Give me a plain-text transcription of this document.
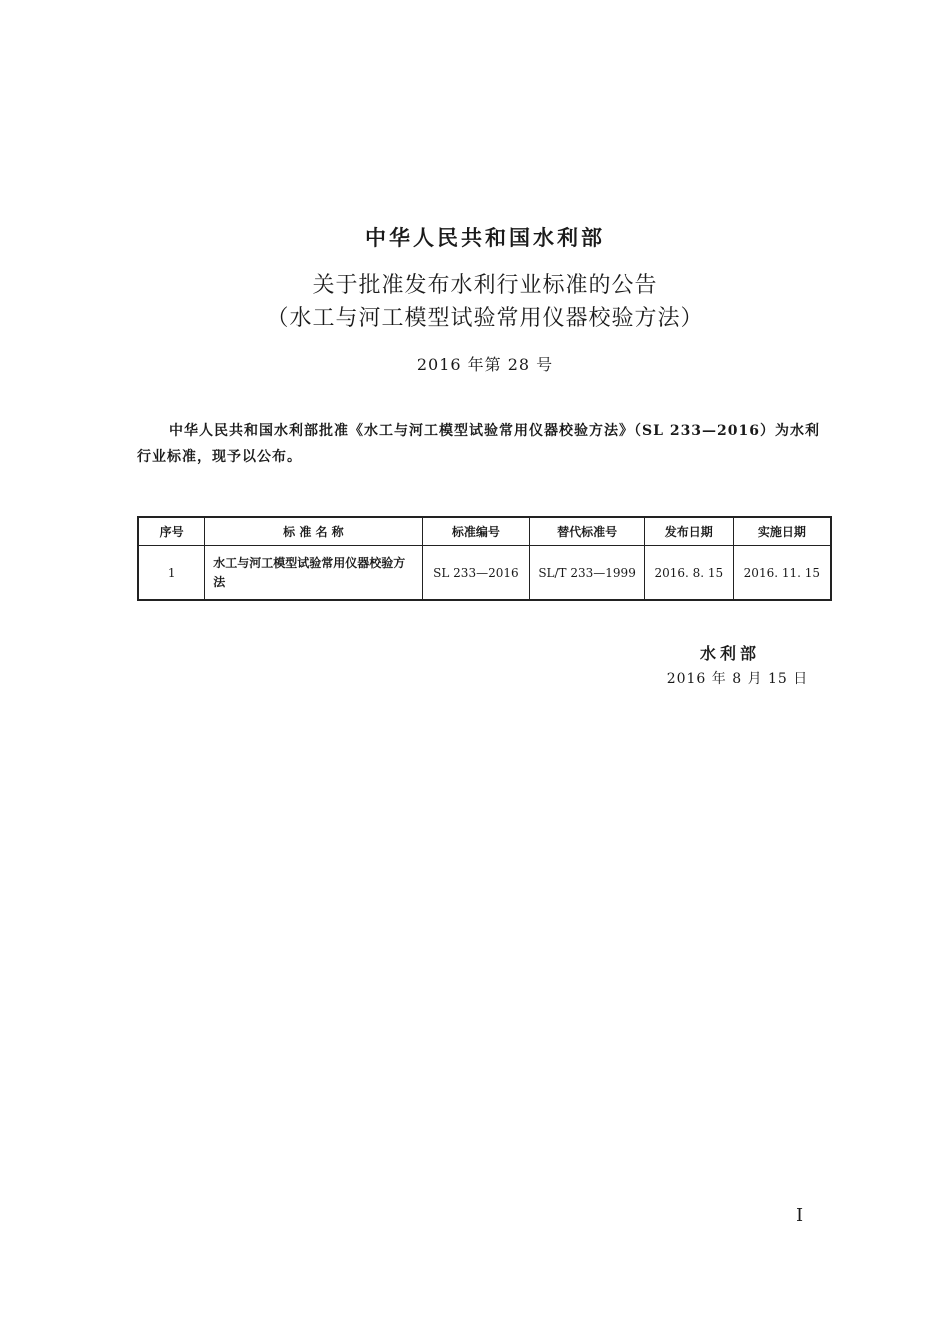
中华人民共和国水利部
关于批准发布水利行业标准的公告
（水工与河工模型试验常用仪器校验方法）
2016 年第 28 号
中华人民共和国水利部批准《水工与河工模型试验常用仪器校验方法》（SL 233—2016）为水利行业标准，现予以公布。
序号	标 准 名 称	标准编号	替代标准号	发布日期	实施日期
1	水工与河工模型试验常用仪器校验方法	SL 233—2016	SL/T 233—1999	2016. 8. 15	2016. 11. 15
水利部
2016 年 8 月 15 日
I
